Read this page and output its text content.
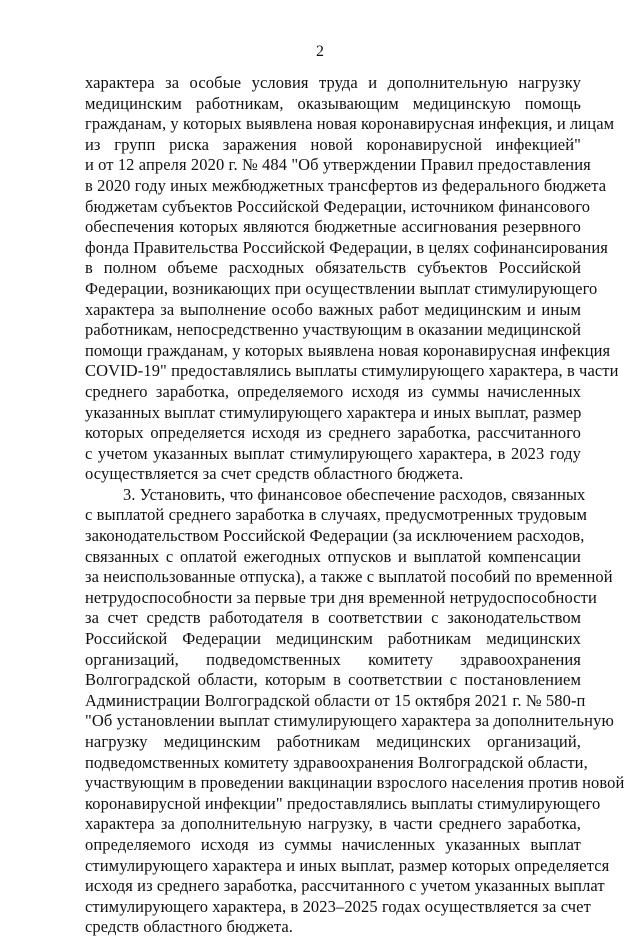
2
характера за особые условия труда и дополнительную нагрузку
медицинским работникам, оказывающим медицинскую помощь
гражданам, у которых выявлена новая коронавирусная инфекция, и лицам
из групп риска заражения новой коронавирусной инфекцией"
и от 12 апреля 2020 г. № 484 "Об утверждении Правил предоставления
в 2020 году иных межбюджетных трансфертов из федерального бюджета
бюджетам субъектов Российской Федерации, источником финансового
обеспечения которых являются бюджетные ассигнования резервного
фонда Правительства Российской Федерации, в целях софинансирования
в полном объеме расходных обязательств субъектов Российской
Федерации, возникающих при осуществлении выплат стимулирующего
характера за выполнение особо важных работ медицинским и иным
работникам, непосредственно участвующим в оказании медицинской
помощи гражданам, у которых выявлена новая коронавирусная инфекция
COVID-19" предоставлялись выплаты стимулирующего характера, в части
среднего заработка, определяемого исходя из суммы начисленных
указанных выплат стимулирующего характера и иных выплат, размер
которых определяется исходя из среднего заработка, рассчитанного
с учетом указанных выплат стимулирующего характера, в 2023 году
осуществляется за счет средств областного бюджета.
3. Установить, что финансовое обеспечение расходов, связанных
с выплатой среднего заработка в случаях, предусмотренных трудовым
законодательством Российской Федерации (за исключением расходов,
связанных с оплатой ежегодных отпусков и выплатой компенсации
за неиспользованные отпуска), а также с выплатой пособий по временной
нетрудоспособности за первые три дня временной нетрудоспособности
за счет средств работодателя в соответствии с законодательством
Российской Федерации медицинским работникам медицинских
организаций, подведомственных комитету здравоохранения
Волгоградской области, которым в соответствии с постановлением
Администрации Волгоградской области от 15 октября 2021 г. № 580-п
"Об установлении выплат стимулирующего характера за дополнительную
нагрузку медицинским работникам медицинских организаций,
подведомственных комитету здравоохранения Волгоградской области,
участвующим в проведении вакцинации взрослого населения против новой
коронавирусной инфекции" предоставлялись выплаты стимулирующего
характера за дополнительную нагрузку, в части среднего заработка,
определяемого исходя из суммы начисленных указанных выплат
стимулирующего характера и иных выплат, размер которых определяется
исходя из среднего заработка, рассчитанного с учетом указанных выплат
стимулирующего характера, в 2023–2025 годах осуществляется за счет
средств областного бюджета.
